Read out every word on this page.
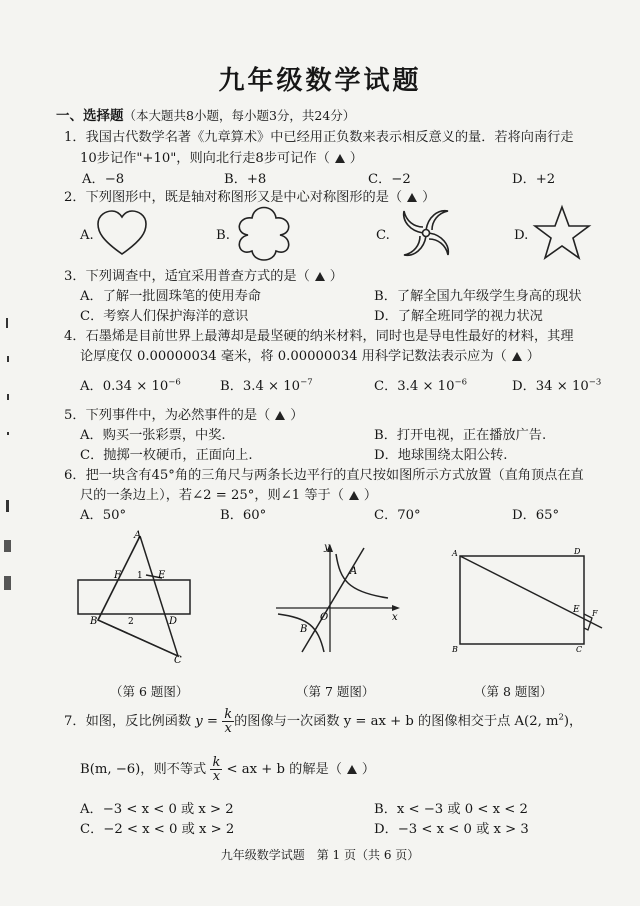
九年级数学试题
一、选择题（本大题共8小题，每小题3分，共24分）
1．我国古代数学名著《九章算术》中已经用正负数来表示相反意义的量．若将向南行走
10步记作"+10"，则向北行走8步可记作（ ）
A．−8	B．+8	C．−2	D．+2
2．下列图形中，既是轴对称图形又是中心对称图形的是（ ）
A.	B.	C.	D.
3．下列调查中，适宜采用普查方式的是（ ）
A．了解一批圆珠笔的使用寿命	B．了解全国九年级学生身高的现状
C．考察人们保护海洋的意识	D．了解全班同学的视力状况
4．石墨烯是目前世界上最薄却是最坚硬的纳米材料，同时也是导电性最好的材料，其理
论厚度仅 0.00000034 毫米，将 0.00000034 用科学记数法表示应为（ ）
A．$0.34 \times 10^{-6}$	B．$3.4 \times 10^{-7}$	C．$3.4 \times 10^{-6}$	D．$34 \times 10^{-3}$
5．下列事件中，为必然事件的是（ ）
A．购买一张彩票，中奖.	B．打开电视，正在播放广告.
C．抛掷一枚硬币，正面向上.	D．地球围绕太阳公转.
6．把一块含有45°角的三角尺与两条长边平行的直尺按如图所示方式放置（直角顶点在直
尺的一条边上），若∠2 = 25°，则∠1 等于（ ）
A．50°	B．60°	C．70°	D．65°
A
F 1 E
B	2	D
C
（第 6 题图）
y
x
O
A
B
（第 7 题图）
A	D
E F
B	C
（第 8 题图）
7．如图，反比例函数 $y = \frac{k}{x}$ 的图像与一次函数 y = ax + b 的图像相交于点 A(2, $m^2$)，
B(m, −6)，则不等式 $\frac{k}{x}$ < ax + b 的解是（ ）
A．−3 < x < 0 或 x > 2	B．x < −3 或 0 < x < 2
C．−2 < x < 0 或 x > 2	D．−3 < x < 0 或 x > 3
九年级数学试题　第 1 页（共 6 页）
